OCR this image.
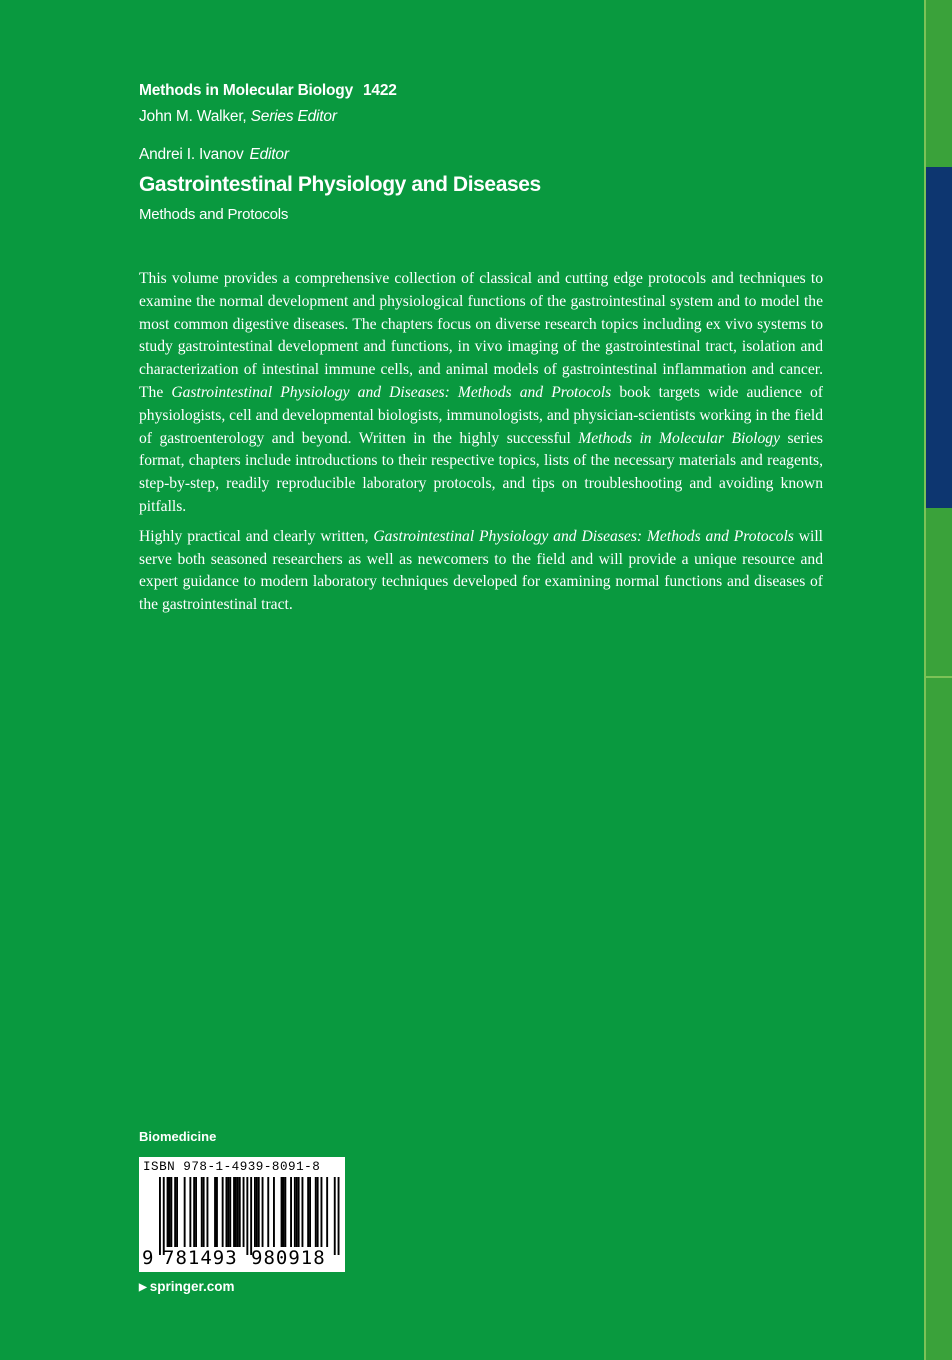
Methods in Molecular Biology 1422
John M. Walker, Series Editor
Andrei I. Ivanov Editor
Gastrointestinal Physiology and Diseases
Methods and Protocols

This volume provides a comprehensive collection of classical and cutting edge protocols and techniques to examine the normal development and physiological functions of the gastrointestinal system and to model the most common digestive diseases. The chapters focus on diverse research topics including ex vivo systems to study gastrointestinal development and functions, in vivo imaging of the gastrointestinal tract, isolation and characterization of intestinal immune cells, and animal models of gastrointestinal inflammation and cancer. The Gastrointestinal Physiology and Diseases: Methods and Protocols book targets wide audience of physiologists, cell and developmental biologists, immunologists, and physician-scientists working in the field of gastroenterology and beyond. Written in the highly successful Methods in Molecular Biology series format, chapters include introductions to their respective topics, lists of the necessary materials and reagents, step-by-step, readily reproducible laboratory protocols, and tips on troubleshooting and avoiding known pitfalls.

Highly practical and clearly written, Gastrointestinal Physiology and Diseases: Methods and Protocols will serve both seasoned researchers as well as newcomers to the field and will provide a unique resource and expert guidance to modern laboratory techniques developed for examining normal functions and diseases of the gastrointestinal tract.

Biomedicine
ISBN 978-1-4939-8091-8
9 781493 980918
▶ springer.com
